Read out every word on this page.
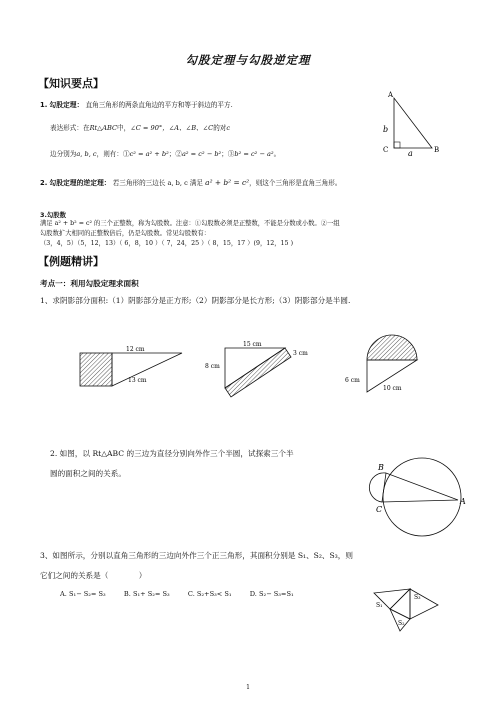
勾股定理与勾股逆定理
【知识要点】
1. 勾股定理： 直角三角形的两条直角边的平方和等于斜边的平方.
表达形式：在Rt△ABC中，∠C = 90°，∠A、∠B、∠C的对c
边分别为a, b, c，则有：①c² = a² + b²；②a² = c² − b²；③b² = c² − a²。
A
B
C
b
a
2. 勾股定理的逆定理： 若三角形的三边长 a, b, c 满足 a² + b² = c²，则这个三角形是直角三角形。
3.勾股数
满足 a² + b² = c² 的三个正整数，称为勾股数。注意：①勾股数必须是正整数，不能是分数或小数。②一组
勾股数扩大相同的正整数倍后，仍是勾股数。常见勾股数有：
（3，4，5）（5，12，13）（ 6，8，10 ）（ 7，24，25 ）（ 8，15，17 ）(9，12，15 )
【例题精讲】
考点一：利用勾股定理求面积
1、求阴影部分面积:（1）阴影部分是正方形;（2）阴影部分是长方形;（3）阴影部分是半圆.
12 cm
13 cm
15 cm
3 cm
8 cm
6 cm
10 cm
2. 如图，以 Rt△ABC 的三边为直径分别向外作三个半圆，试探索三个半
圆的面积之间的关系。
B
C
A
3、如图所示，分别以直角三角形的三边向外作三个正三角形，其面积分别是 S₁、S₂、S₃，则
它们之间的关系是（　　　　）
A. S₁− S₂= S₃	B. S₁+ S₂= S₃	C. S₂+S₃< S₁	D. S₂− S₃=S₁
S₁
S₃
S₂
1
